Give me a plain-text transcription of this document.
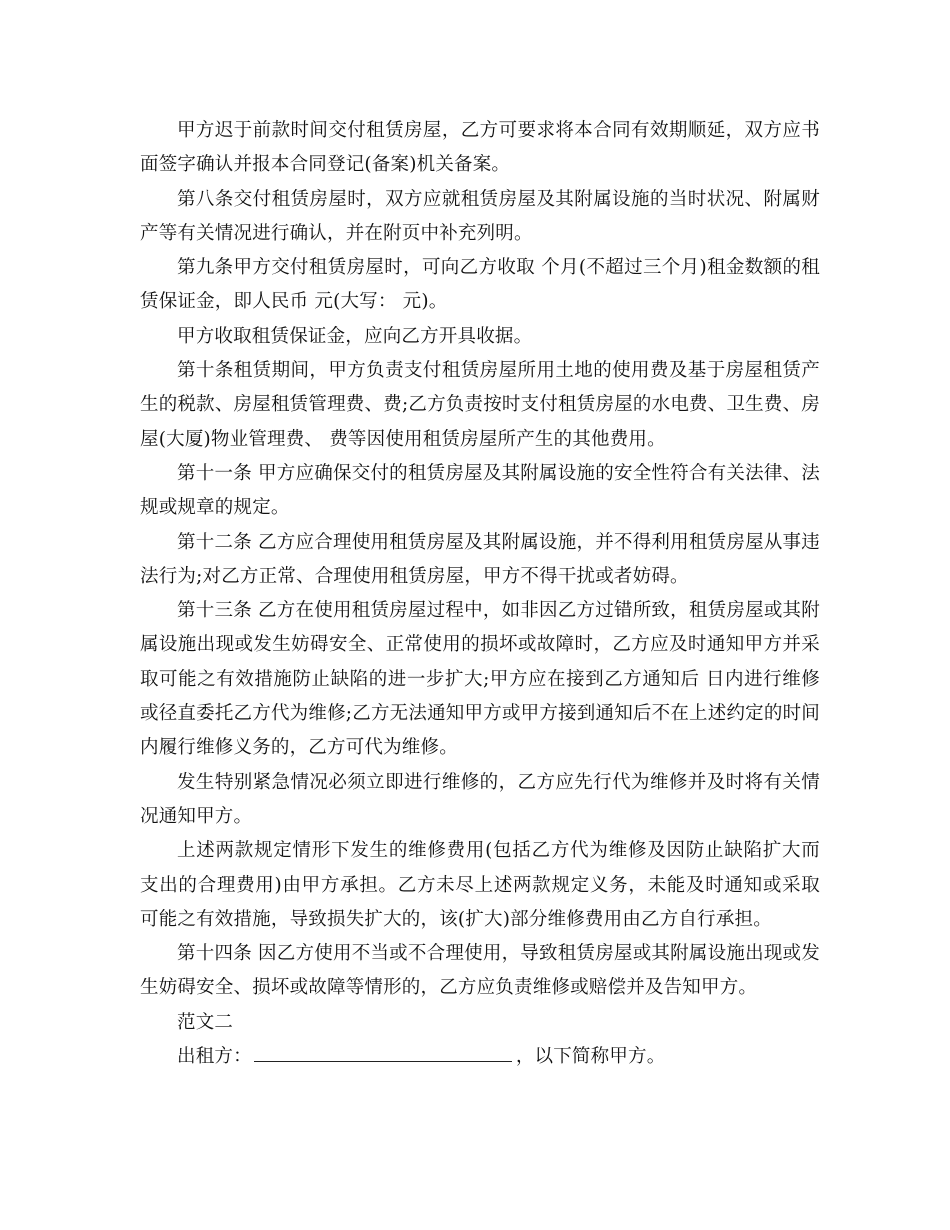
甲方迟于前款时间交付租赁房屋，乙方可要求将本合同有效期顺延，双方应书面签字确认并报本合同登记(备案)机关备案。

第八条交付租赁房屋时，双方应就租赁房屋及其附属设施的当时状况、附属财产等有关情况进行确认，并在附页中补充列明。

第九条甲方交付租赁房屋时，可向乙方收取 个月(不超过三个月)租金数额的租赁保证金，即人民币 元(大写： 元)。

甲方收取租赁保证金，应向乙方开具收据。

第十条租赁期间，甲方负责支付租赁房屋所用土地的使用费及基于房屋租赁产生的税款、房屋租赁管理费、费;乙方负责按时支付租赁房屋的水电费、卫生费、房屋(大厦)物业管理费、 费等因使用租赁房屋所产生的其他费用。

第十一条 甲方应确保交付的租赁房屋及其附属设施的安全性符合有关法律、法规或规章的规定。

第十二条 乙方应合理使用租赁房屋及其附属设施，并不得利用租赁房屋从事违法行为;对乙方正常、合理使用租赁房屋，甲方不得干扰或者妨碍。

第十三条 乙方在使用租赁房屋过程中，如非因乙方过错所致，租赁房屋或其附属设施出现或发生妨碍安全、正常使用的损坏或故障时，乙方应及时通知甲方并采取可能之有效措施防止缺陷的进一步扩大;甲方应在接到乙方通知后 日内进行维修或径直委托乙方代为维修;乙方无法通知甲方或甲方接到通知后不在上述约定的时间内履行维修义务的，乙方可代为维修。

发生特别紧急情况必须立即进行维修的，乙方应先行代为维修并及时将有关情况通知甲方。

上述两款规定情形下发生的维修费用(包括乙方代为维修及因防止缺陷扩大而支出的合理费用)由甲方承担。乙方未尽上述两款规定义务，未能及时通知或采取可能之有效措施，导致损失扩大的，该(扩大)部分维修费用由乙方自行承担。

第十四条 因乙方使用不当或不合理使用，导致租赁房屋或其附属设施出现或发生妨碍安全、损坏或故障等情形的，乙方应负责维修或赔偿并及告知甲方。

范文二

出租方：	，以下简称甲方。
